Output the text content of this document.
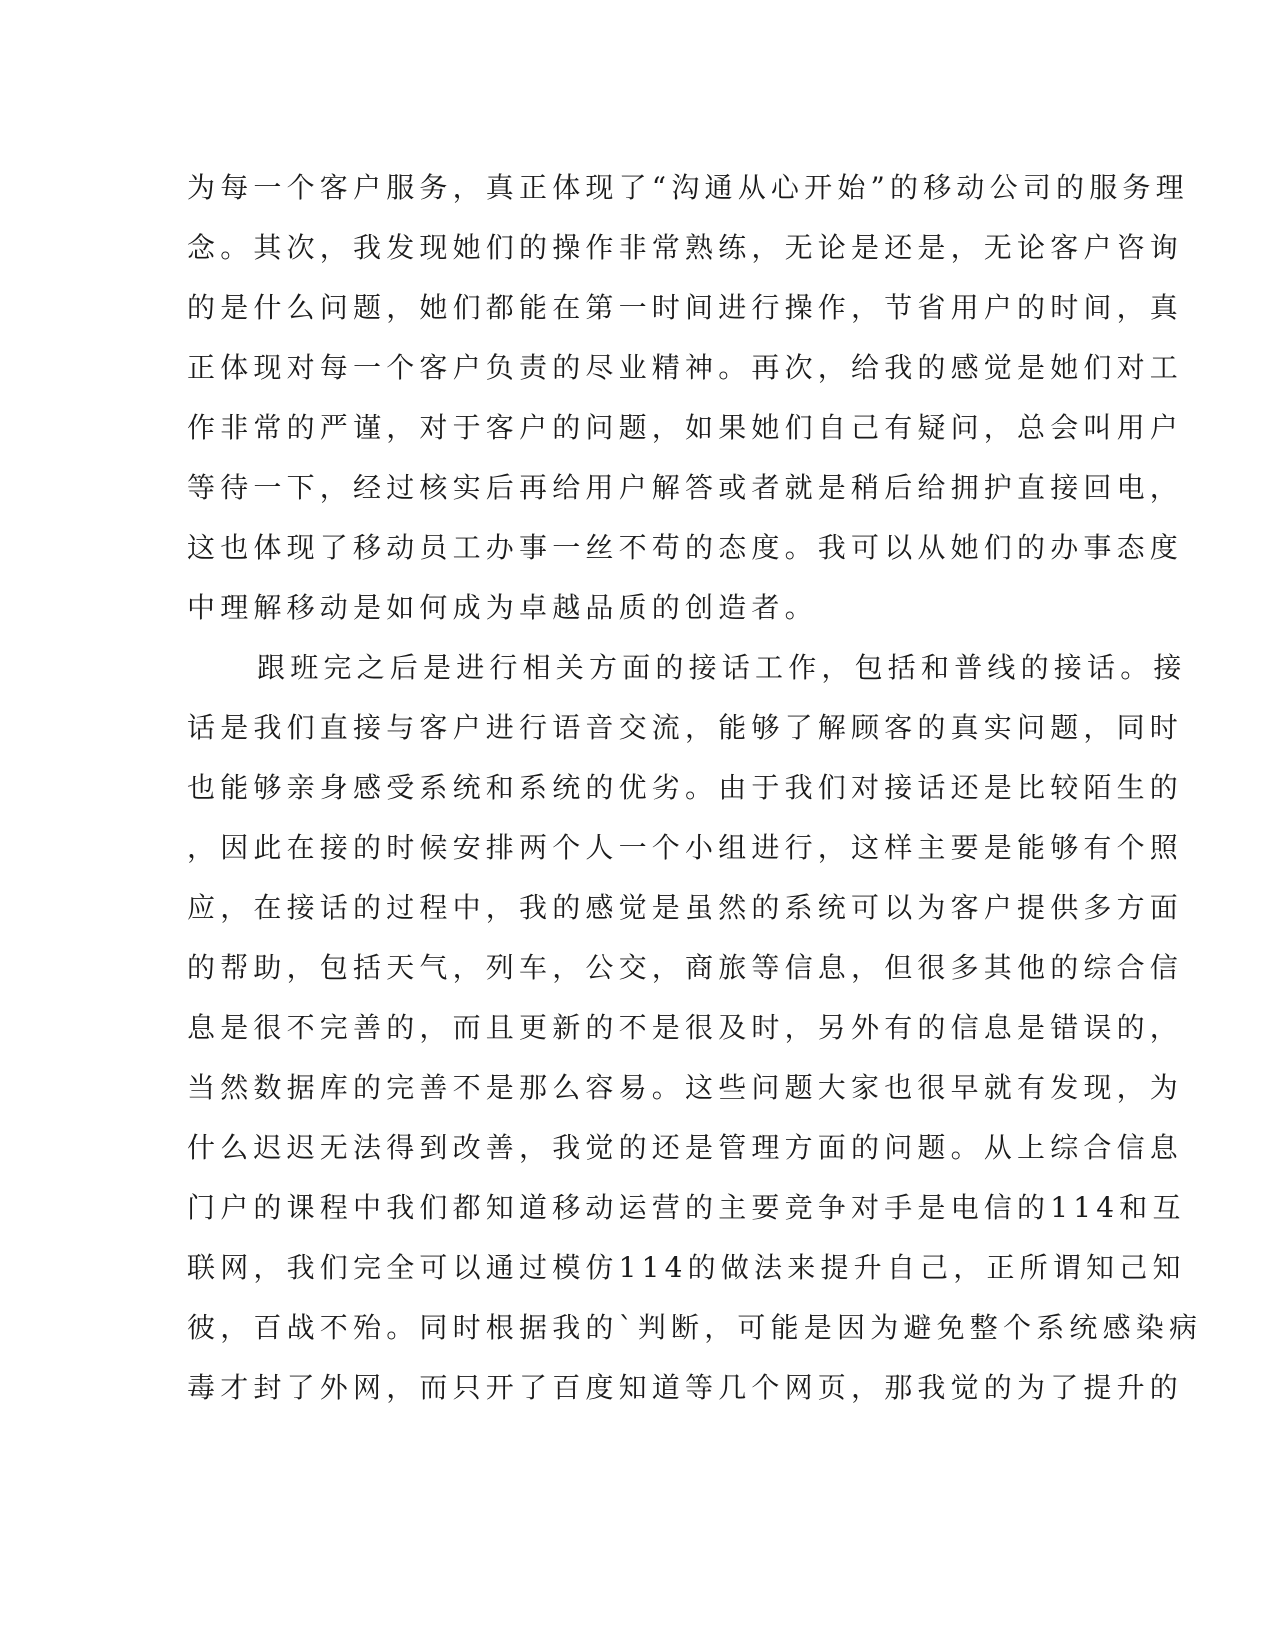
为每一个客户服务，真正体现了“沟通从心开始”的移动公司的服务理
念。其次，我发现她们的操作非常熟练，无论是还是，无论客户咨询
的是什么问题，她们都能在第一时间进行操作，节省用户的时间，真
正体现对每一个客户负责的尽业精神。再次，给我的感觉是她们对工
作非常的严谨，对于客户的问题，如果她们自己有疑问，总会叫用户
等待一下，经过核实后再给用户解答或者就是稍后给拥护直接回电，
这也体现了移动员工办事一丝不苟的态度。我可以从她们的办事态度
中理解移动是如何成为卓越品质的创造者。
跟班完之后是进行相关方面的接话工作，包括和普线的接话。接
话是我们直接与客户进行语音交流，能够了解顾客的真实问题，同时
也能够亲身感受系统和系统的优劣。由于我们对接话还是比较陌生的
，因此在接的时候安排两个人一个小组进行，这样主要是能够有个照
应，在接话的过程中，我的感觉是虽然的系统可以为客户提供多方面
的帮助，包括天气，列车，公交，商旅等信息，但很多其他的综合信
息是很不完善的，而且更新的不是很及时，另外有的信息是错误的，
当然数据库的完善不是那么容易。这些问题大家也很早就有发现，为
什么迟迟无法得到改善，我觉的还是管理方面的问题。从上综合信息
门户的课程中我们都知道移动运营的主要竞争对手是电信的114和互
联网，我们完全可以通过模仿114的做法来提升自己，正所谓知己知
彼，百战不殆。同时根据我的`判断，可能是因为避免整个系统感染病
毒才封了外网，而只开了百度知道等几个网页，那我觉的为了提升的
